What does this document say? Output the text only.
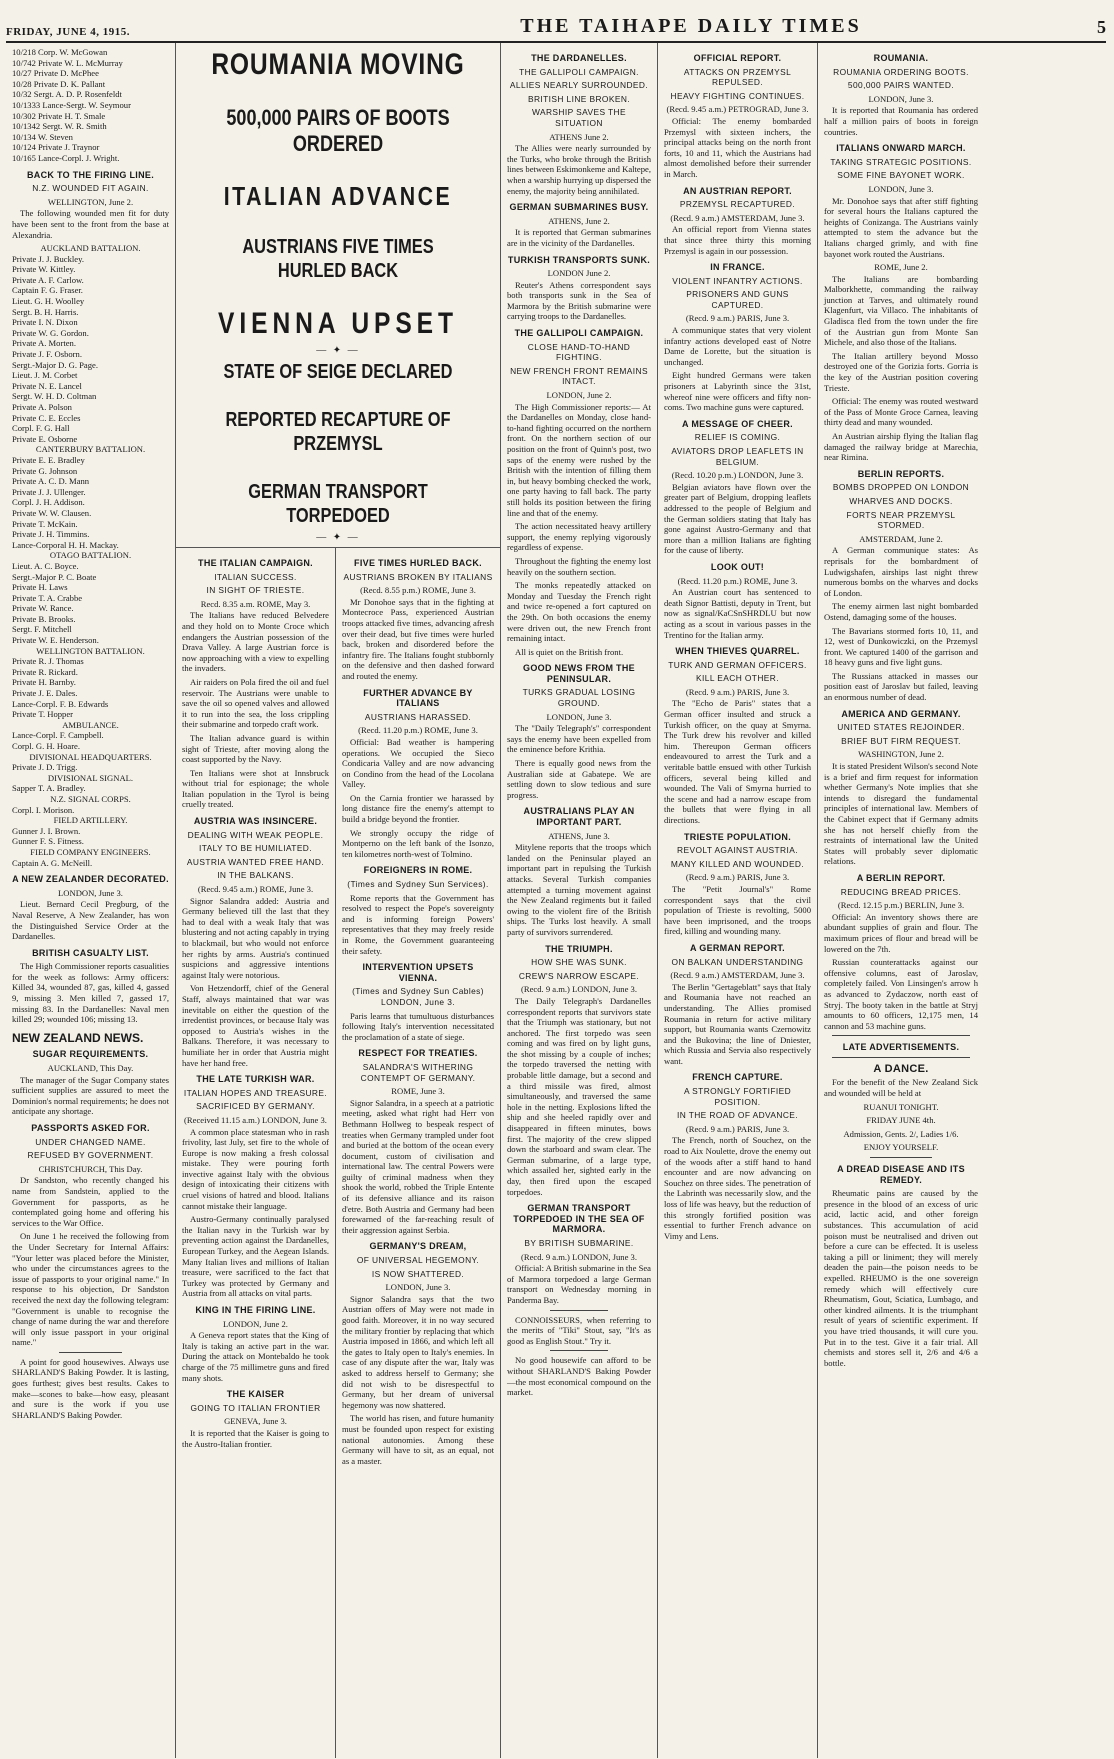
FRIDAY, JUNE 4, 1915.	THE TAIHAPE DAILY TIMES	5
10/218 Corp. W. McGowan
10/742 Private W. L. McMurray
10/27 Private D. McPhee
10/28 Private D. K. Pallant
10/32 Sergt. A. D. P. Rosenfeldt
10/1333 Lance-Sergt. W. Seymour
10/302 Private H. T. Smale
10/1342 Sergt. W. R. Smith
10/134 W. Steven
10/124 Private J. Traynor
10/165 Lance-Corpl. J. Wright.
BACK TO THE FIRING LINE.
N.Z. WOUNDED FIT AGAIN.
WELLINGTON, June 2.

The following wounded men fit for duty have been sent to the front from the base at Alexandria.

AUCKLAND BATTALION.
Private J. J. Buckley.
Private W. Kittley.
Private A. F. Carlow.
Captain F. G. Fraser.
Lieut. G. H. Woolley
Sergt. B. H. Harris.
Private I. N. Dixon
Private W. G. Gordon.
Private A. Morten.
Private J. F. Osborn.
Sergt.-Major D. G. Page.
Lieut. J. M. Corbet
Private N. E. Lancel
Sergt. W. H. D. Coltman
Private A. Polson
Private C. E. Eccles
Corpl. F. G. Hall
Private E. Osborne
CANTERBURY BATTALION.
Private E. E. Bradley
Private G. Johnson
Private A. C. D. Mann
Private J. J. Ullenger.
Corpl. J. H. Addison.
Private W. W. Clausen.
Private T. McKain.
Private J. H. Timmins.
Lance-Corporal H. H. Mackay.
OTAGO BATTALION.
Lieut. A. C. Boyce.
Sergt.-Major P. C. Boate
Private H. Laws
Private T. A. Crabbe
Private W. Rance.
Private B. Brooks.
Sergt. F. Mitchell
Private W. E. Henderson.
WELLINGTON BATTALION.
Private R. J. Thomas
Private R. Rickard.
Private H. Barnby.
Private J. E. Dales.
Lance-Corpl. F. B. Edwards
Private T. Hopper
AMBULANCE.
Lance-Corpl. F. Campbell.
Corpl. G. H. Hoare.
DIVISIONAL HEADQUARTERS.
Private J. D. Trigg.
DIVISIONAL SIGNAL.
Sapper T. A. Bradley.
N.Z. SIGNAL CORPS.
Corpl. I. Morison.
FIELD ARTILLERY.
Gunner J. I. Brown.
Gunner F. S. Fitness.
FIELD COMPANY ENGINEERS.
Captain A. G. McNeill.
A NEW ZEALANDER DECORATED.
LONDON, June 3.

Lieut. Bernard Cecil Pregburg, of the Naval Reserve, A New Zealander, has won the Distinguished Service Order at the Dardanelles.

BRITISH CASUALTY LIST.

The High Commissioner reports casualities for the week as follows: Army officers: Killed 34, wounded 87, gas, killed 4, gassed 9, missing 3. Men killed 7, gassed 17, missing 83. In the Dardanelles: Naval men killed 29; wounded 106; missing 13.

NEW ZEALAND NEWS.
SUGAR REQUIREMENTS.
AUCKLAND, This Day.

The manager of the Sugar Company states sufficient supplies are assured to meet the Dominion's normal requirements; he does not anticipate any shortage.

PASSPORTS ASKED FOR.
UNDER CHANGED NAME.
REFUSED BY GOVERNMENT.
CHRISTCHURCH, This Day.

Dr Sandston, who recently changed his name from Sandstein, applied to the Government for passports, as he contemplated going home and offering his services to the War Office.

On June 1 he received the following from the Under Secretary for Internal Affairs: "Your letter was placed before the Minister, who under the circumstances agrees to the issue of passports to your original name." In response to his objection, Dr Sandston received the next day the following telegram: "Government is unable to recognise the change of name during the war and therefore will only issue passport in your original name."

A point for good housewives. Always use SHARLAND'S Baking Powder. It is lasting, goes furthest; gives best results. Cakes to make—scones to bake—how easy, pleasant and sure is the work if you use SHARLAND'S Baking Powder.

ROUMANIA MOVING
500,000 PAIRS OF BOOTS ORDERED
ITALIAN ADVANCE
AUSTRIANS FIVE TIMES HURLED BACK
VIENNA UPSET
— ✦ —
STATE OF SEIGE DECLARED
REPORTED RECAPTURE OF PRZEMYSL
GERMAN TRANSPORT TORPEDOED
— ✦ —
THE ITALIAN CAMPAIGN.
ITALIAN SUCCESS.
IN SIGHT OF TRIESTE.
Recd. 8.35 a.m. ROME, May 3.

The Italians have reduced Belvedere and they hold on to Monte Croce which endangers the Austrian possession of the Drava Valley. A large Austrian force is now approaching with a view to expelling the invaders.

Air raiders on Pola fired the oil and fuel reservoir. The Austrians were unable to save the oil so opened valves and allowed it to run into the sea, the loss crippling their submarine and torpedo craft work.

The Italian advance guard is within sight of Trieste, after moving along the coast supported by the Navy.

Ten Italians were shot at Innsbruck without trial for espionage; the whole Italian population in the Tyrol is being cruelly treated.

AUSTRIA WAS INSINCERE.
DEALING WITH WEAK PEOPLE.
ITALY TO BE HUMILIATED.
AUSTRIA WANTED FREE HAND.
IN THE BALKANS.
(Recd. 9.45 a.m.) ROME, June 3.

Signor Salandra added: Austria and Germany believed till the last that they had to deal with a weak Italy that was blustering and not acting capably in trying to blackmail, but who would not enforce her rights by arms. Austria's continued suspicions and aggressive intentions against Italy were notorious.

Von Hetzendorff, chief of the General Staff, always maintained that war was inevitable on either the question of the irredentist provinces, or because Italy was opposed to Austria's wishes in the Balkans. Therefore, it was necessary to humiliate her in order that Austria might have her hand free.

THE LATE TURKISH WAR.
ITALIAN HOPES AND TREASURE.
SACRIFICED BY GERMANY.
(Received 11.15 a.m.) LONDON, June 3.

A common place statesman who in rash frivolity, last July, set fire to the whole of Europe is now making a fresh colossal mistake. They were pouring forth invective against Italy with the obvious design of intoxicating their citizens with cruel visions of hatred and blood. Italians cannot mistake their language.

Austro-Germany continually paralysed the Italian navy in the Turkish war by preventing action against the Dardanelles, European Turkey, and the Aegean Islands. Many Italian lives and millions of Italian treasure, were sacrificed to the fact that Turkey was protected by Germany and Austria from all attacks on vital parts.

KING IN THE FIRING LINE.
LONDON, June 2.

A Geneva report states that the King of Italy is taking an active part in the war. During the attack on Montebaldo he took charge of the 75 millimetre guns and fired many shots.

THE KAISER
GOING TO ITALIAN FRONTIER
GENEVA, June 3.

It is reported that the Kaiser is going to the Austro-Italian frontier.

FIVE TIMES HURLED BACK.
AUSTRIANS BROKEN BY ITALIANS
(Recd. 8.55 p.m.) ROME, June 3.

Mr Donohoe says that in the fighting at Montecroce Pass, experienced Austrian troops attacked five times, advancing afresh over their dead, but five times were hurled back, broken and disordered before the infantry fire. The Italians fought stubbornly on the defensive and then dashed forward and routed the enemy.

FURTHER ADVANCE BY ITALIANS
AUSTRIANS HARASSED.
(Recd. 11.20 p.m.) ROME, June 3.

Official: Bad weather is hampering operations. We occupied the Sieco Condicaria Valley and are now advancing on Condino from the head of the Locolana Valley.

On the Carnia frontier we harassed by long distance fire the enemy's attempt to build a bridge beyond the frontier.

We strongly occupy the ridge of Montperno on the left bank of the Isonzo, ten kilometres north-west of Tolmino.

FOREIGNERS IN ROME.
(Times and Sydney Sun Services).

Rome reports that the Government has resolved to respect the Pope's sovereignty and is informing foreign Powers' representatives that they may freely reside in Rome, the Government guaranteeing their safety.

INTERVENTION UPSETS VIENNA.
(Times and Sydney Sun Cables) LONDON, June 3.

Paris learns that tumultuous disturbances following Italy's intervention necessitated the proclamation of a state of siege.

RESPECT FOR TREATIES.
SALANDRA'S WITHERING CONTEMPT OF GERMANY.
ROME, June 3.

Signor Salandra, in a speech at a patriotic meeting, asked what right had Herr von Bethmann Hollweg to bespeak respect of treaties when Germany trampled under foot and buried at the bottom of the ocean every document, custom of civilisation and international law. The central Powers were guilty of criminal madness when they shook the world, robbed the Triple Entente of its defensive alliance and its raison d'etre. Both Austria and Germany had been forewarned of the far-reaching result of their aggression against Serbia.

GERMANY'S DREAM,
OF UNIVERSAL HEGEMONY.
IS NOW SHATTERED.
LONDON, June 3.

Signor Salandra says that the two Austrian offers of May were not made in good faith. Moreover, it in no way secured the military frontier by replacing that which Austria imposed in 1866, and which left all the gates to Italy open to Italy's enemies. In case of any dispute after the war, Italy was asked to address herself to Germany; she did not wish to be disrespectful to Germany, but her dream of universal hegemony was now shattered.

The world has risen, and future humanity must be founded upon respect for existing national autonomies. Among these Germany will have to sit, as an equal, not as a master.

THE DARDANELLES.
THE GALLIPOLI CAMPAIGN.
ALLIES NEARLY SURROUNDED.
BRITISH LINE BROKEN.
WARSHIP SAVES THE SITUATION
ATHENS June 2.

The Allies were nearly surrounded by the Turks, who broke through the British lines between Eskimonkeme and Kaltepe, when a warship hurrying up dispersed the enemy, the majority being annihilated.

GERMAN SUBMARINES BUSY.
ATHENS, June 2.

It is reported that German submarines are in the vicinity of the Dardanelles.

TURKISH TRANSPORTS SUNK.
LONDON June 2.

Reuter's Athens correspondent says both transports sunk in the Sea of Marmora by the British submarine were carrying troops to the Dardanelles.

THE GALLIPOLI CAMPAIGN.
CLOSE HAND-TO-HAND FIGHTING.
NEW FRENCH FRONT REMAINS INTACT.
LONDON, June 2.

The High Commissioner reports:— At the Dardanelles on Monday, close hand-to-hand fighting occurred on the northern front. On the northern section of our position on the front of Quinn's post, two saps of the enemy were rushed by the British with the intention of filling them in, but heavy bombing checked the work, one party having to fall back. The party still holds its position between the firing line and that of the enemy.

The action necessitated heavy artillery support, the enemy replying vigorously regardless of expense.

Throughout the fighting the enemy lost heavily on the southern section.

The monks repeatedly attacked on Monday and Tuesday the French right and twice re-opened a fort captured on the 29th. On both occasions the enemy were driven out, the new French front remaining intact.

All is quiet on the British front.

GOOD NEWS FROM THE PENINSULAR.
TURKS GRADUAL LOSING GROUND.
LONDON, June 3.

The "Daily Telegraph's" correspondent says the enemy have been expelled from the eminence before Krithia.

There is equally good news from the Australian side at Gabatepe. We are settling down to slow tedious and sure progress.

AUSTRALIANS PLAY AN IMPORTANT PART.
ATHENS, June 3.

Mitylene reports that the troops which landed on the Peninsular played an important part in repulsing the Turkish attacks. Several Turkish companies attempted a turning movement against the New Zealand regiments but it failed owing to the violent fire of the British ships. The Turks lost heavily. A small party of survivors surrendered.

THE TRIUMPH.
HOW SHE WAS SUNK.
CREW'S NARROW ESCAPE.
(Recd. 9 a.m.) LONDON, June 3.

The Daily Telegraph's Dardanelles correspondent reports that survivors state that the Triumph was stationary, but not anchored. The first torpedo was seen coming and was fired on by light guns, the shot missing by a couple of inches; the torpedo traversed the netting with probable little damage, but a second and a third missile was fired, almost simultaneously, and traversed the same hole in the netting. Explosions lifted the ship and she heeled rapidly over and disappeared in fifteen minutes, bows first. The majority of the crew slipped down the starboard and swam clear. The German submarine, of a large type, which assailed her, sighted early in the day, then fired upon the escaped torpedoes.

GERMAN TRANSPORT TORPEDOED IN THE SEA OF MARMORA.
BY BRITISH SUBMARINE.
(Recd. 9 a.m.) LONDON, June 3.

Official: A British submarine in the Sea of Marmora torpedoed a large German transport on Wednesday morning in Panderma Bay.

CONNOISSEURS, when referring to the merits of "Tiki" Stout, say, "It's as good as English Stout." Try it.

No good housewife can afford to be without SHARLAND'S Baking Powder—the most economical compound on the market.

OFFICIAL REPORT.
ATTACKS ON PRZEMYSL REPULSED.
HEAVY FIGHTING CONTINUES.
(Recd. 9.45 a.m.) PETROGRAD, June 3.

Official: The enemy bombarded Przemysl with sixteen inchers, the principal attacks being on the north front forts, 10 and 11, which the Austrians had almost demolished before their surrender in March.

AN AUSTRIAN REPORT.
PRZEMYSL RECAPTURED.
(Recd. 9 a.m.) AMSTERDAM, June 3.

An official report from Vienna states that since three thirty this morning Przemysl is again in our possession.

IN FRANCE.
VIOLENT INFANTRY ACTIONS.
PRISONERS AND GUNS CAPTURED.
(Recd. 9 a.m.) PARIS, June 3.

A communique states that very violent infantry actions developed east of Notre Dame de Lorette, but the situation is unchanged.

Eight hundred Germans were taken prisoners at Labyrinth since the 31st, whereof nine were officers and fifty non-coms. Two machine guns were captured.

A MESSAGE OF CHEER.
RELIEF IS COMING.
AVIATORS DROP LEAFLETS IN BELGIUM.
(Recd. 10.20 p.m.) LONDON, June 3.

Belgian aviators have flown over the greater part of Belgium, dropping leaflets addressed to the people of Belgium and the German soldiers stating that Italy has gone against Austro-Germany and that more than a million Italians are fighting for the cause of liberty.

LOOK OUT!
(Recd. 11.20 p.m.) ROME, June 3.

An Austrian court has sentenced to death Signor Battisti, deputy in Trent, but now as signal/KaCSnSHRDLU but now acting as a scout in various passes in the Trentino for the Italian army.

WHEN THIEVES QUARREL.
TURK AND GERMAN OFFICERS.
KILL EACH OTHER.
(Recd. 9 a.m.) PARIS, June 3.

The "Echo de Paris" states that a German officer insulted and struck a Turkish officer, on the quay at Smyrna. The Turk drew his revolver and killed him. Thereupon German officers endeavoured to arrest the Turk and a veritable battle ensued with other Turkish officers, several being killed and wounded. The Vali of Smyrna hurried to the scene and had a narrow escape from the bullets that were flying in all directions.

TRIESTE POPULATION.
REVOLT AGAINST AUSTRIA.
MANY KILLED AND WOUNDED.
(Recd. 9 a.m.) PARIS, June 3.

The "Petit Journal's" Rome correspondent says that the civil population of Trieste is revolting, 5000 have been imprisoned, and the troops fired, killing and wounding many.

A GERMAN REPORT.
ON BALKAN UNDERSTANDING
(Recd. 9 a.m.) AMSTERDAM, June 3.

The Berlin "Gertageblatt" says that Italy and Roumania have not reached an understanding. The Allies promised Roumania in return for active military support, but Roumania wants Czernowitz and the Bukovina; the line of Dniester, which Russia and Servia also respectively want.

FRENCH CAPTURE.
A STRONGLY FORTIFIED POSITION.
IN THE ROAD OF ADVANCE.
(Recd. 9 a.m.) PARIS, June 3.

The French, north of Souchez, on the road to Aix Noulette, drove the enemy out of the woods after a stiff hand to hand encounter and are now advancing on Souchez on three sides. The penetration of the Labrinth was necessarily slow, and the loss of life was heavy, but the reduction of this strongly fortified position was essential to further French advance on Vimy and Lens.

ROUMANIA.
ROUMANIA ORDERING BOOTS.
500,000 PAIRS WANTED.
LONDON, June 3.

It is reported that Roumania has ordered half a million pairs of boots in foreign countries.

ITALIANS ONWARD MARCH.
TAKING STRATEGIC POSITIONS.
SOME FINE BAYONET WORK.
LONDON, June 3.

Mr. Donohoe says that after stiff fighting for several hours the Italians captured the heights of Conizanga. The Austrians vainly attempted to stem the advance but the Italians charged grimly, and with fine bayonet work routed the Austrians.

ROME, June 2.

The Italians are bombarding Malborkhette, commanding the railway junction at Tarves, and ultimately round Klagenfurt, via Villaco. The inhabitants of Gladisca fled from the town under the fire of the Austrian gun from Monte San Michele, and also those of the Italians.

The Italian artillery beyond Mosso destroyed one of the Gorizia forts. Gorria is the key of the Austrian position covering Trieste.

Official: The enemy was routed westward of the Pass of Monte Groce Carnea, leaving thirty dead and many wounded.

An Austrian airship flying the Italian flag damaged the railway bridge at Marechia, near Rimina.

BERLIN REPORTS.
BOMBS DROPPED ON LONDON
WHARVES AND DOCKS.
FORTS NEAR PRZEMYSL STORMED.
AMSTERDAM, June 2.

A German communique states: As reprisals for the bombardment of Ludwigshafen, airships last night threw numerous bombs on the wharves and docks of London.

The enemy airmen last night bombarded Ostend, damaging some of the houses.

The Bavarians stormed forts 10, 11, and 12, west of Dunkowiczki, on the Przemysl front. We captured 1400 of the garrison and 18 heavy guns and five light guns.

The Russians attacked in masses our position east of Jaroslav but failed, leaving an enormous number of dead.

AMERICA AND GERMANY.
UNITED STATES REJOINDER.
BRIEF BUT FIRM REQUEST.
WASHINGTON, June 2.

It is stated President Wilson's second Note is a brief and firm request for information whether Germany's Note implies that she intends to disregard the fundamental principles of international law. Members of the Cabinet expect that if Germany admits she has not herself chiefly from the restraints of international law the United States will probably sever diplomatic relations.

A BERLIN REPORT.
REDUCING BREAD PRICES.
(Recd. 12.15 p.m.) BERLIN, June 3.

Official: An inventory shows there are abundant supplies of grain and flour. The maximum prices of flour and bread will be lowered on the 7th.

Russian counterattacks against our offensive columns, east of Jaroslav, completely failed. Von Linsingen's arrow h as advanced to Zydaczow, north east of Stryj. The booty taken in the battle at Stryj amounts to 60 officers, 12,175 men, 14 cannon and 53 machine guns.

LATE ADVERTISEMENTS.
A DANCE.

For the benefit of the New Zealand Sick and wounded will be held at

RUANUI TONIGHT.
FRIDAY JUNE 4th.
Admission, Gents. 2/, Ladies 1/6.
ENJOY YOURSELF.
A DREAD DISEASE AND ITS REMEDY.

Rheumatic pains are caused by the presence in the blood of an excess of uric acid, lactic acid, and other foreign substances. This accumulation of acid poison must be neutralised and driven out before a cure can be effected. It is useless taking a pill or liniment; they will merely deaden the pain—the poison needs to be expelled. RHEUMO is the one sovereign remedy which will effectively cure Rheumatism, Gout, Sciatica, Lumbago, and other kindred ailments. It is the triumphant result of years of scientific experiment. If you have tried thousands, it will cure you. Put in to the test. Give it a fair trial. All chemists and stores sell it, 2/6 and 4/6 a bottle.
